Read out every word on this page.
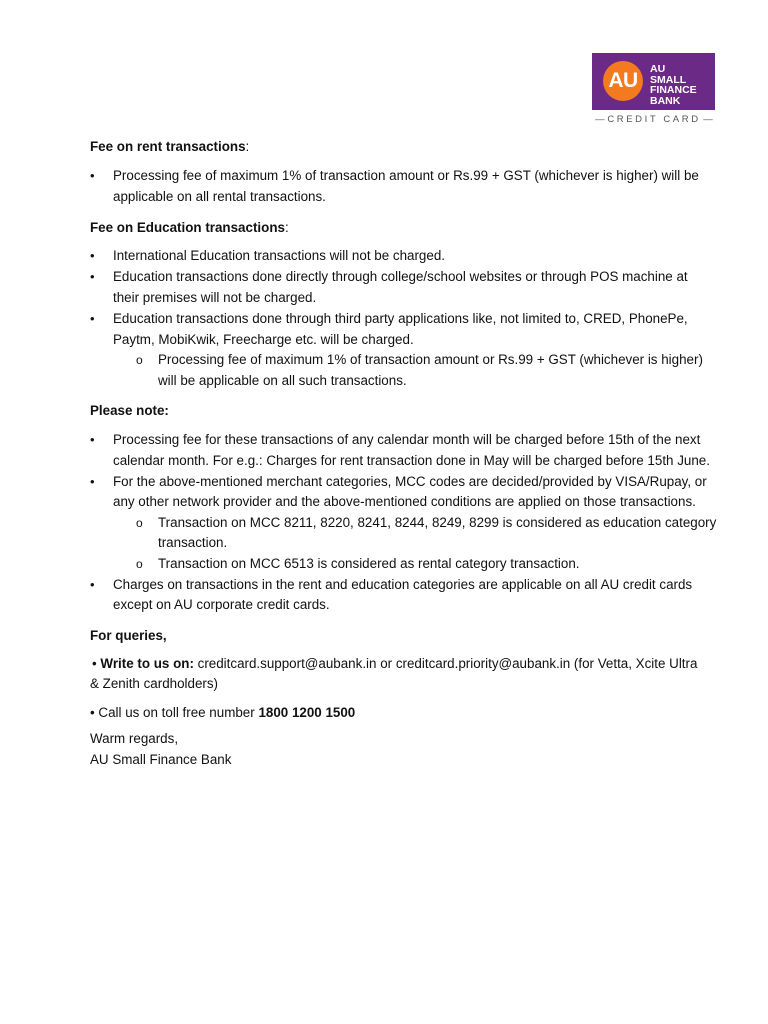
AU	AU
SMALL
FINANCE
BANK
— CREDIT CARD —
Fee on rent transactions:
• Processing fee of maximum 1% of transaction amount or Rs.99 + GST (whichever is higher) will be
applicable on all rental transactions.
Fee on Education transactions:
• International Education transactions will not be charged.
• Education transactions done directly through college/school websites or through POS machine at
their premises will not be charged.
• Education transactions done through third party applications like, not limited to, CRED, PhonePe,
Paytm, MobiKwik, Freecharge etc. will be charged.
o Processing fee of maximum 1% of transaction amount or Rs.99 + GST (whichever is higher)
will be applicable on all such transactions.
Please note:
• Processing fee for these transactions of any calendar month will be charged before 15th of the next
calendar month. For e.g.: Charges for rent transaction done in May will be charged before 15th June.
• For the above-mentioned merchant categories, MCC codes are decided/provided by VISA/Rupay, or
any other network provider and the above-mentioned conditions are applied on those transactions.
o Transaction on MCC 8211, 8220, 8241, 8244, 8249, 8299 is considered as education category
transaction.
o Transaction on MCC 6513 is considered as rental category transaction.
• Charges on transactions in the rent and education categories are applicable on all AU credit cards
except on AU corporate credit cards.
For queries,
• Write to us on: creditcard.support@aubank.in or creditcard.priority@aubank.in (for Vetta, Xcite Ultra
& Zenith cardholders)
• Call us on toll free number 1800 1200 1500
Warm regards,
AU Small Finance Bank
